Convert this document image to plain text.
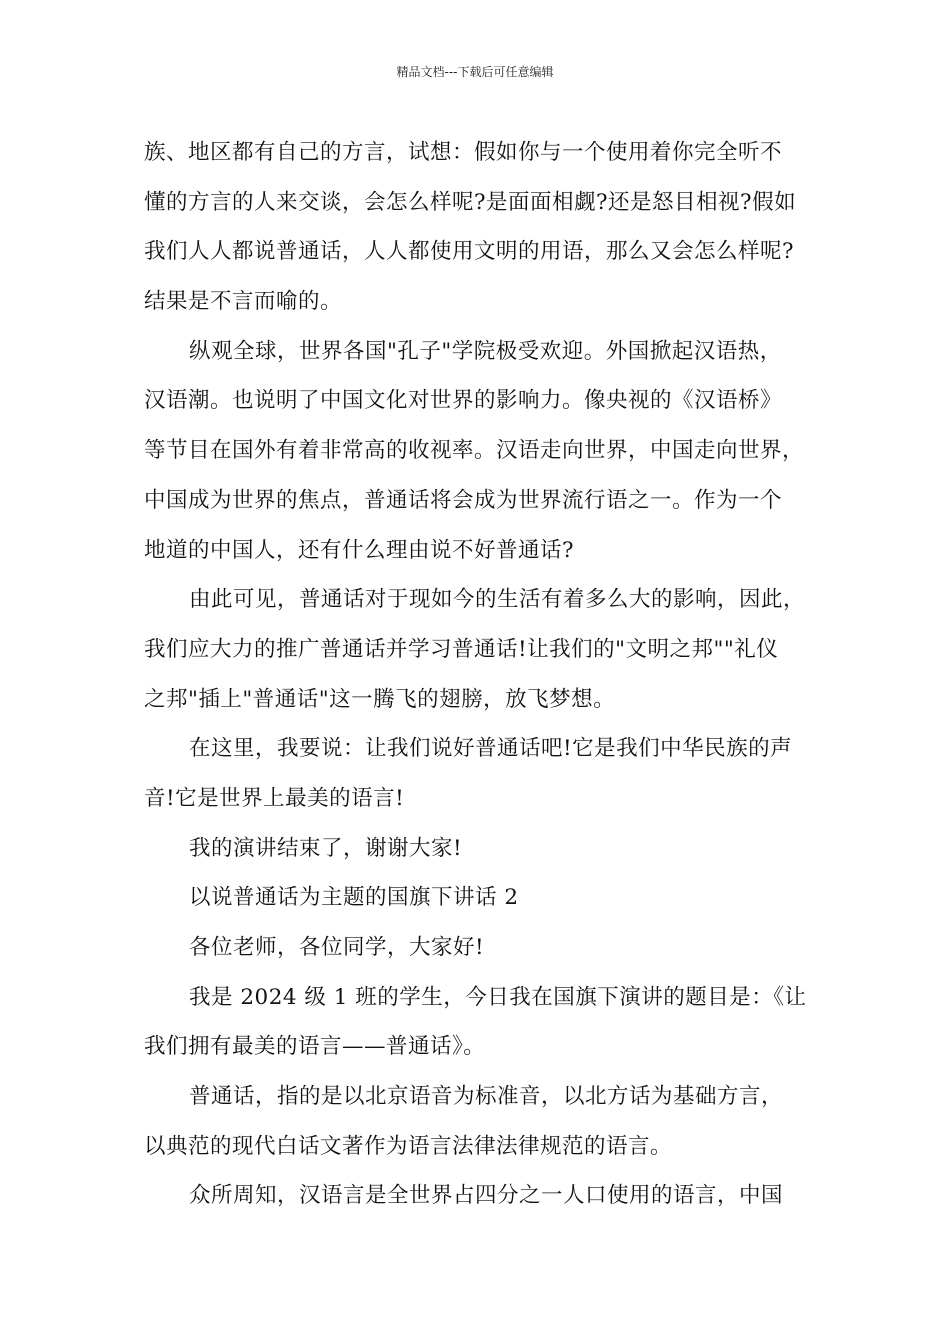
精品文档---下载后可任意编辑
族、地区都有自己的方言，试想：假如你与一个使用着你完全听不
懂的方言的人来交谈，会怎么样呢?是面面相觑?还是怒目相视?假如
我们人人都说普通话，人人都使用文明的用语，那么又会怎么样呢?
结果是不言而喻的。
纵观全球，世界各国"孔子"学院极受欢迎。外国掀起汉语热，
汉语潮。也说明了中国文化对世界的影响力。像央视的《汉语桥》
等节目在国外有着非常高的收视率。汉语走向世界，中国走向世界，
中国成为世界的焦点，普通话将会成为世界流行语之一。作为一个
地道的中国人，还有什么理由说不好普通话?
由此可见，普通话对于现如今的生活有着多么大的影响，因此，
我们应大力的推广普通话并学习普通话!让我们的"文明之邦""礼仪
之邦"插上"普通话"这一腾飞的翅膀，放飞梦想。
在这里，我要说：让我们说好普通话吧!它是我们中华民族的声
音!它是世界上最美的语言!
我的演讲结束了，谢谢大家!
以说普通话为主题的国旗下讲话 2
各位老师，各位同学，大家好!
我是 2024 级 1 班的学生，今日我在国旗下演讲的题目是：《让
我们拥有最美的语言——普通话》。
普通话，指的是以北京语音为标准音，以北方话为基础方言，
以典范的现代白话文著作为语言法律法律规范的语言。
众所周知，汉语言是全世界占四分之一人口使用的语言，中国
